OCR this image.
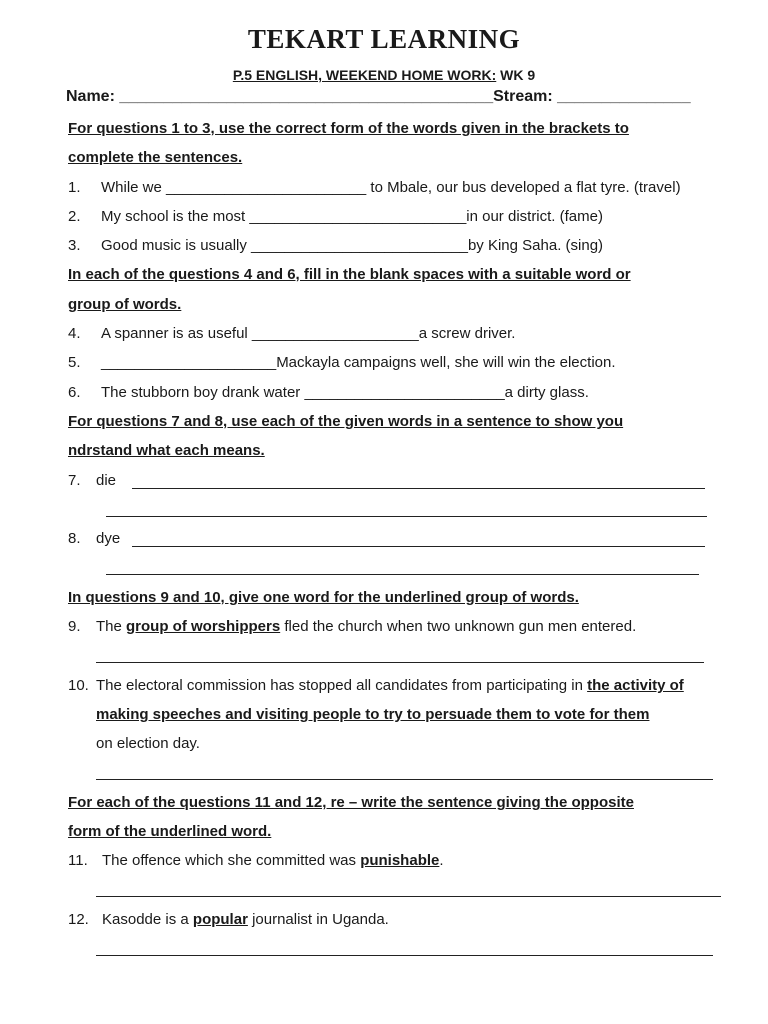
TEKART LEARNING
P.5 ENGLISH, WEEKEND HOME WORK: WK 9
Name: __________________________________________Stream: _______________
For questions 1 to 3, use the correct form of the words given in the brackets to
complete the sentences.
1. While we ________________________ to Mbale, our bus developed a flat tyre. (travel)
2. My school is the most __________________________in our district. (fame)
3. Good music is usually __________________________by King Saha. (sing)
In each of the questions 4 and 6, fill in the blank spaces with a suitable word or
group of words.
4. A spanner is as useful ____________________a screw driver.
5. _____________________Mackayla campaigns well, she will win the election.
6. The stubborn boy drank water ________________________a dirty glass.
For questions 7 and 8, use each of the given words in a sentence to show you
ndrstand what each means.
7. die
8. dye
In questions 9 and 10, give one word for the underlined group of words.
9. The group of worshippers fled the church when two unknown gun men entered.
10. The electoral commission has stopped all candidates from participating in the activity of
making speeches and visiting people to try to persuade them to vote for them
on election day.
For each of the questions 11 and 12, re – write the sentence giving the opposite
form of the underlined word.
11. The offence which she committed was punishable.
12. Kasodde is a popular journalist in Uganda.
